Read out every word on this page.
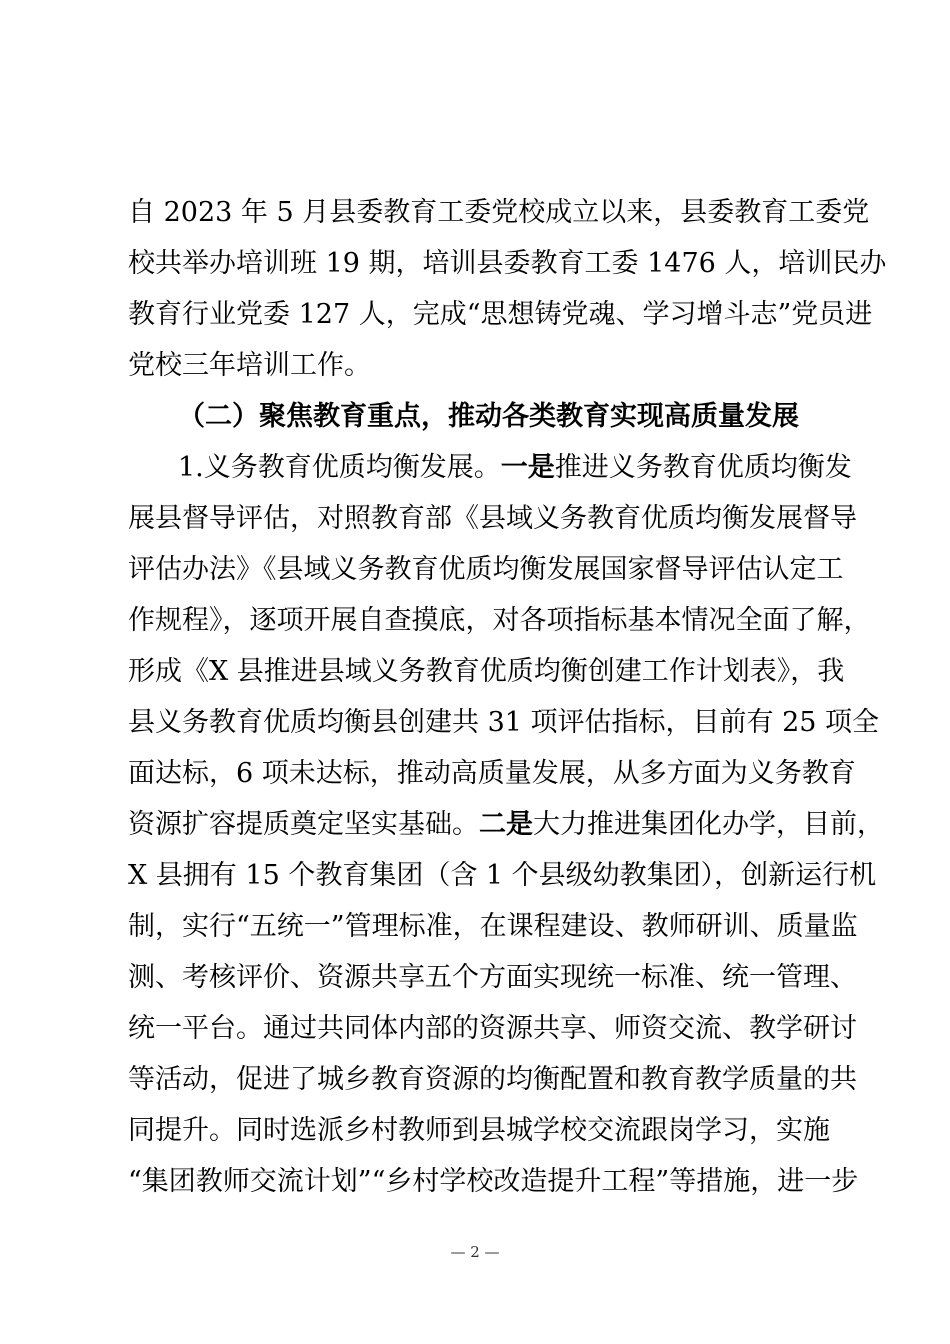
自 2023 年 5 月县委教育工委党校成立以来，县委教育工委党
校共举办培训班 19 期，培训县委教育工委 1476 人，培训民办
教育行业党委 127 人，完成“思想铸党魂、学习增斗志”党员进
党校三年培训工作。
（二）聚焦教育重点，推动各类教育实现高质量发展
1.义务教育优质均衡发展。一是推进义务教育优质均衡发
展县督导评估，对照教育部《县域义务教育优质均衡发展督导
评估办法》《县域义务教育优质均衡发展国家督导评估认定工
作规程》，逐项开展自查摸底，对各项指标基本情况全面了解，
形成《X 县推进县域义务教育优质均衡创建工作计划表》，我
县义务教育优质均衡县创建共 31 项评估指标，目前有 25 项全
面达标，6 项未达标，推动高质量发展，从多方面为义务教育
资源扩容提质奠定坚实基础。二是大力推进集团化办学，目前，
X 县拥有 15 个教育集团（含 1 个县级幼教集团），创新运行机
制，实行“五统一”管理标准，在课程建设、教师研训、质量监
测、考核评价、资源共享五个方面实现统一标准、统一管理、
统一平台。通过共同体内部的资源共享、师资交流、教学研讨
等活动，促进了城乡教育资源的均衡配置和教育教学质量的共
同提升。同时选派乡村教师到县城学校交流跟岗学习，实施
“集团教师交流计划”“乡村学校改造提升工程”等措施，进一步
— 2 —
